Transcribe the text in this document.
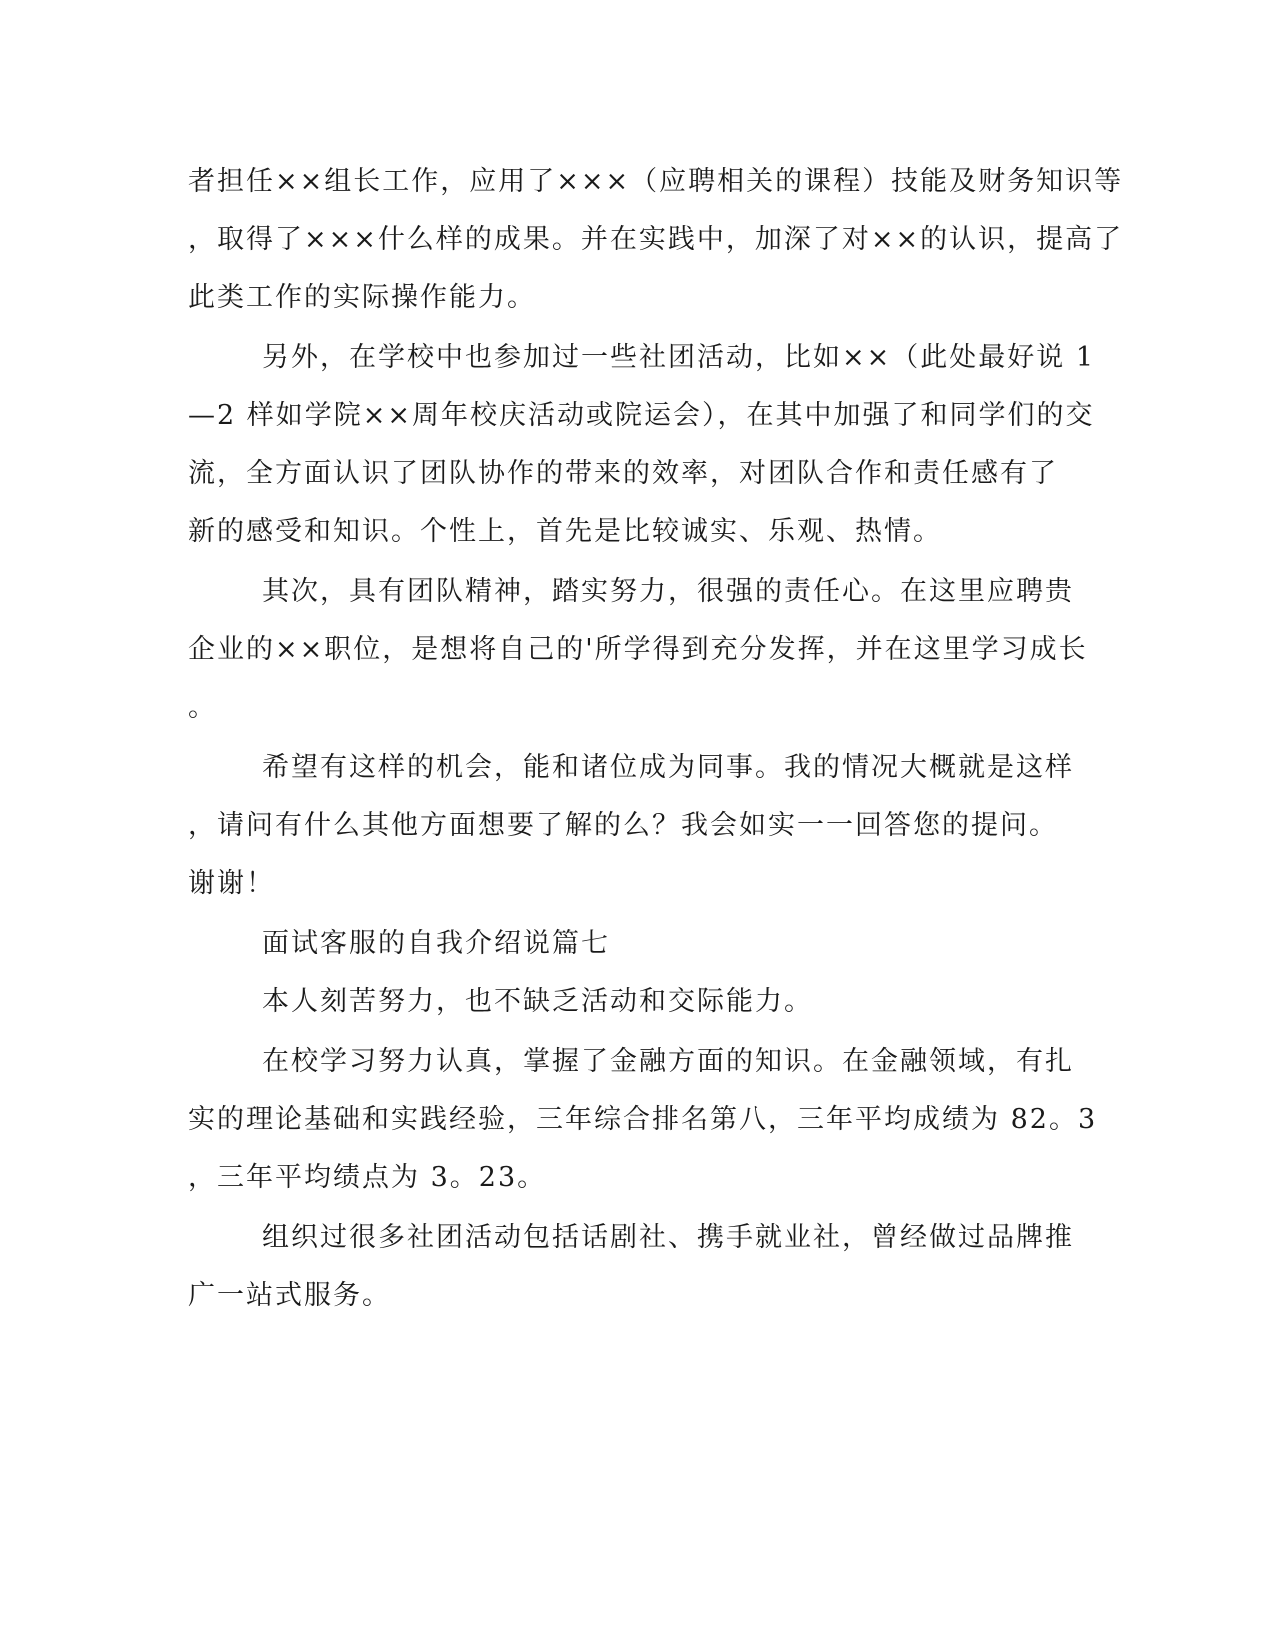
者担任××组长工作，应用了×××（应聘相关的课程）技能及财务知识等
，取得了×××什么样的成果。并在实践中，加深了对××的认识，提高了
此类工作的实际操作能力。
另外，在学校中也参加过一些社团活动，比如××（此处最好说 1
—2 样如学院××周年校庆活动或院运会），在其中加强了和同学们的交
流，全方面认识了团队协作的带来的效率，对团队合作和责任感有了
新的感受和知识。个性上，首先是比较诚实、乐观、热情。
其次，具有团队精神，踏实努力，很强的责任心。在这里应聘贵
企业的××职位，是想将自己的'所学得到充分发挥，并在这里学习成长
。
希望有这样的机会，能和诸位成为同事。我的情况大概就是这样
，请问有什么其他方面想要了解的么？我会如实一一回答您的提问。
谢谢！
面试客服的自我介绍说篇七
本人刻苦努力，也不缺乏活动和交际能力。
在校学习努力认真，掌握了金融方面的知识。在金融领域，有扎
实的理论基础和实践经验，三年综合排名第八，三年平均成绩为 82。3
，三年平均绩点为 3。23。
组织过很多社团活动包括话剧社、携手就业社，曾经做过品牌推
广一站式服务。
